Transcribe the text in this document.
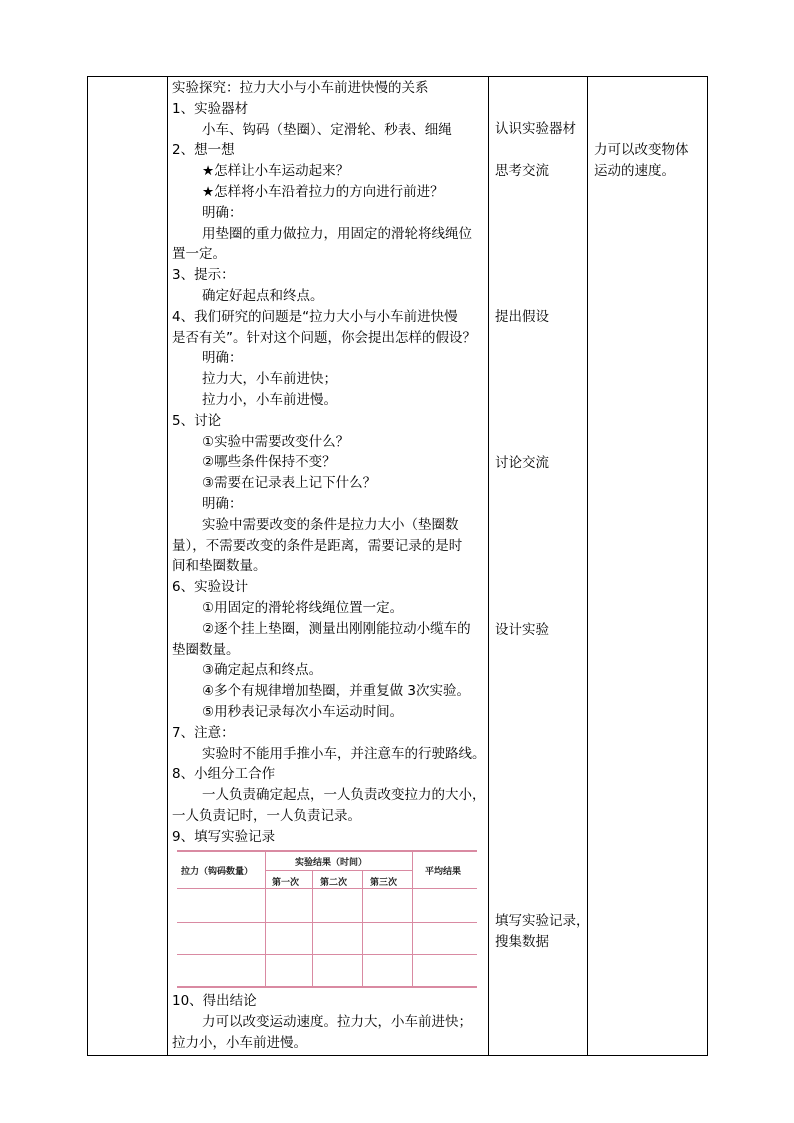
实验探究：拉力大小与小车前进快慢的关系
1、实验器材
小车、钩码（垫圈）、定滑轮、秒表、细绳
2、想一想
★怎样让小车运动起来？
★怎样将小车沿着拉力的方向进行前进？
明确：
用垫圈的重力做拉力，用固定的滑轮将线绳位
置一定。
3、提示：
确定好起点和终点。
4、我们研究的问题是“拉力大小与小车前进快慢
是否有关”。针对这个问题，你会提出怎样的假设？
明确：
拉力大，小车前进快；
拉力小，小车前进慢。
5、讨论
①实验中需要改变什么？
②哪些条件保持不变？
③需要在记录表上记下什么？
明确：
实验中需要改变的条件是拉力大小（垫圈数
量），不需要改变的条件是距离，需要记录的是时
间和垫圈数量。
6、实验设计
①用固定的滑轮将线绳位置一定。
②逐个挂上垫圈，测量出刚刚能拉动小缆车的
垫圈数量。
③确定起点和终点。
④多个有规律增加垫圈，并重复做 3次实验。
⑤用秒表记录每次小车运动时间。
7、注意：
实验时不能用手推小车，并注意车的行驶路线。
8、小组分工合作
一人负责确定起点，一人负责改变拉力的大小，
一人负责记时，一人负责记录。
9、填写实验记录
拉力（钩码数量）
实验结果（时间）
第一次 第二次	第三次
平均结果
10、得出结论
力可以改变运动速度。拉力大，小车前进快；
拉力小，小车前进慢。
认识实验器材
思考交流
提出假设
讨论交流
设计实验
填写实验记录，
搜集数据
力可以改变物体
运动的速度。
